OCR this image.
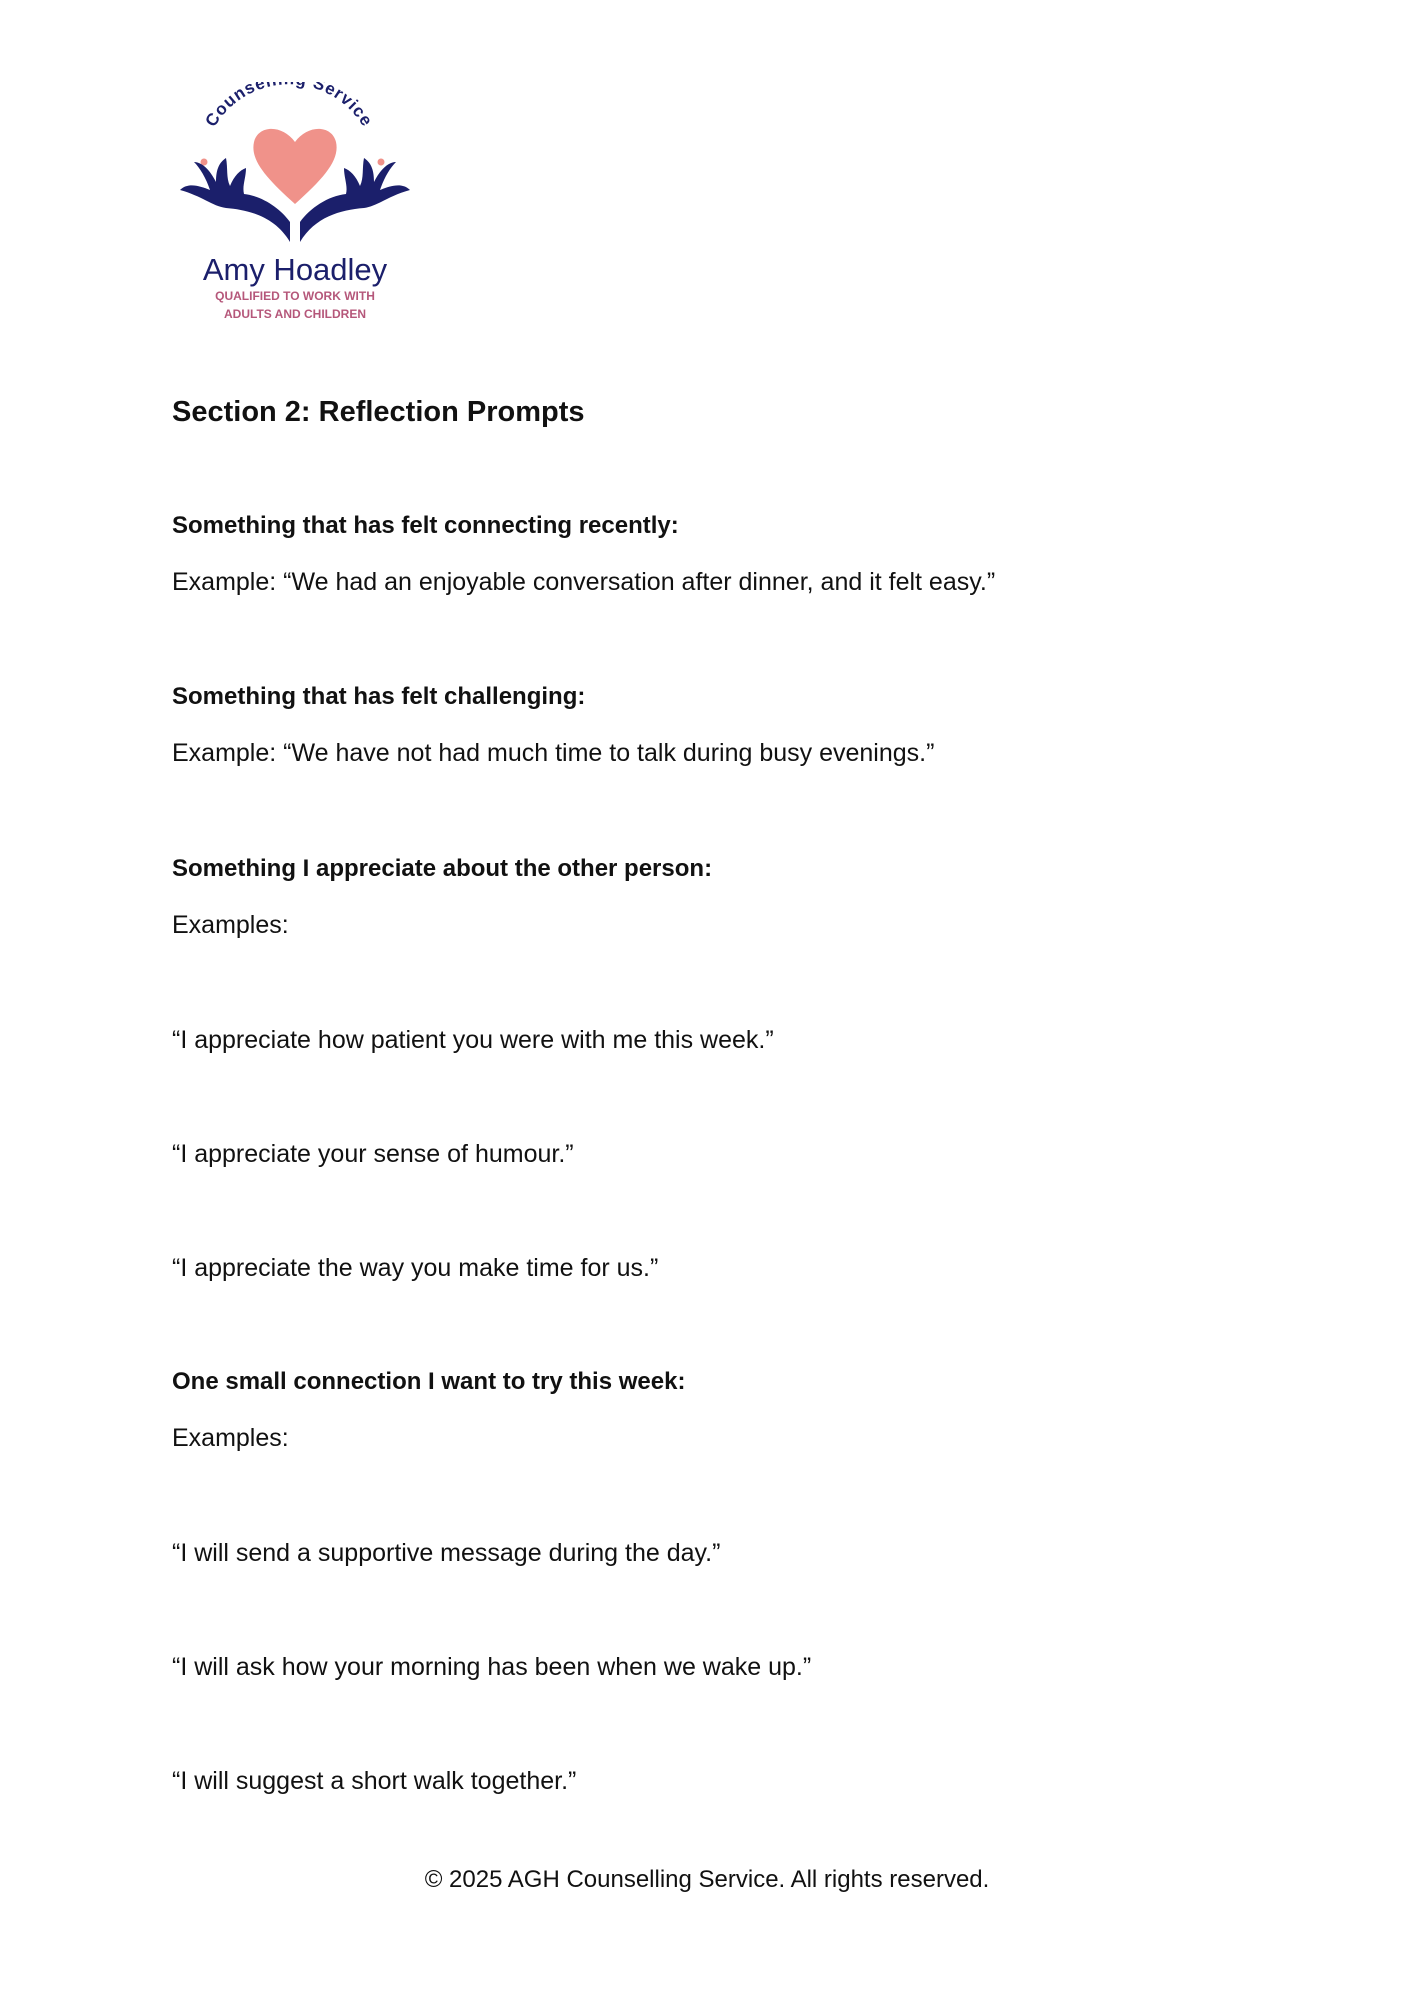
Counse Service
Amy Hoadley
QUALIFIED TO WORK WITH
ADULTS AND CHILDREN
Section 2: Reflection Prompts
Something that has felt connecting recently:
Example: “We had an enjoyable conversation after dinner, and it felt easy.”
Something that has felt challenging:
Example: “We have not had much time to talk during busy evenings.”
Something I appreciate about the other person:
Examples:
“I appreciate how patient you were with me this week.”
“I appreciate your sense of humour.”
“I appreciate the way you make time for us.”
One small connection I want to try this week:
Examples:
“I will send a supportive message during the day.”
“I will ask how your morning has been when we wake up.”
“I will suggest a short walk together.”
© 2025 AGH Counselling Service. All rights reserved.
